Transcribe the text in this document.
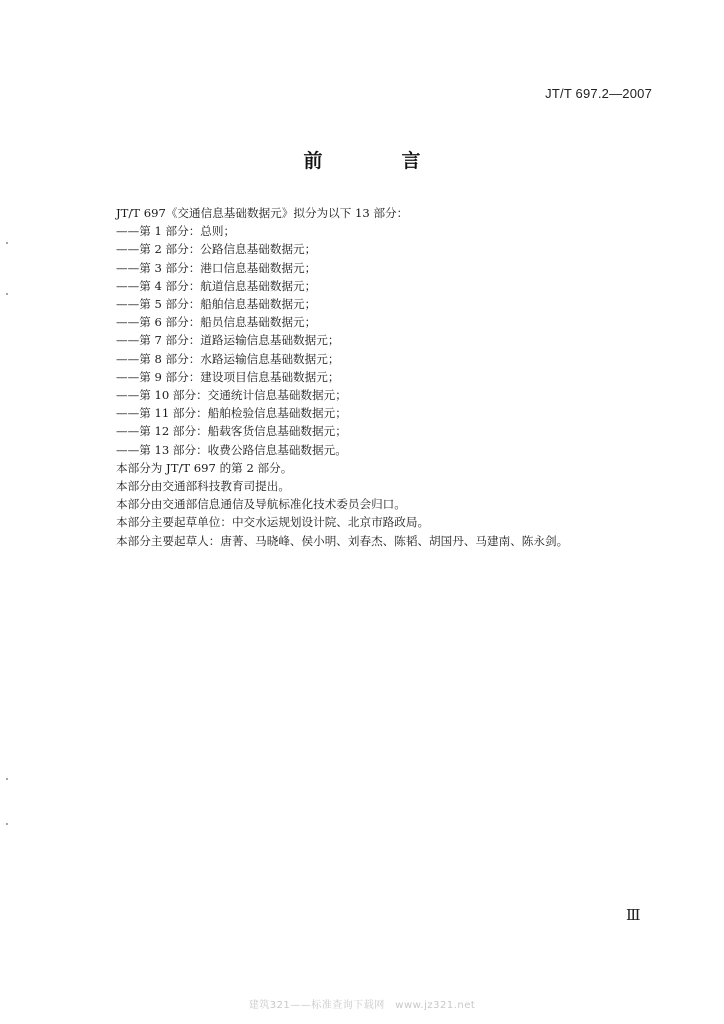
JT/T 697.2—2007
前　言
JT/T 697《交通信息基础数据元》拟分为以下 13 部分：
——第 1 部分：总则；
——第 2 部分：公路信息基础数据元；
——第 3 部分：港口信息基础数据元；
——第 4 部分：航道信息基础数据元；
——第 5 部分：船舶信息基础数据元；
——第 6 部分：船员信息基础数据元；
——第 7 部分：道路运输信息基础数据元；
——第 8 部分：水路运输信息基础数据元；
——第 9 部分：建设项目信息基础数据元；
——第 10 部分：交通统计信息基础数据元；
——第 11 部分：船舶检验信息基础数据元；
——第 12 部分：船载客货信息基础数据元；
——第 13 部分：收费公路信息基础数据元。
本部分为 JT/T 697 的第 2 部分。
本部分由交通部科技教育司提出。
本部分由交通部信息通信及导航标准化技术委员会归口。
本部分主要起草单位：中交水运规划设计院、北京市路政局。
本部分主要起草人：唐菁、马晓峰、侯小明、刘春杰、陈韬、胡国丹、马建南、陈永剑。
Ⅲ
建筑321——标准查询下载网　www.jz321.net
